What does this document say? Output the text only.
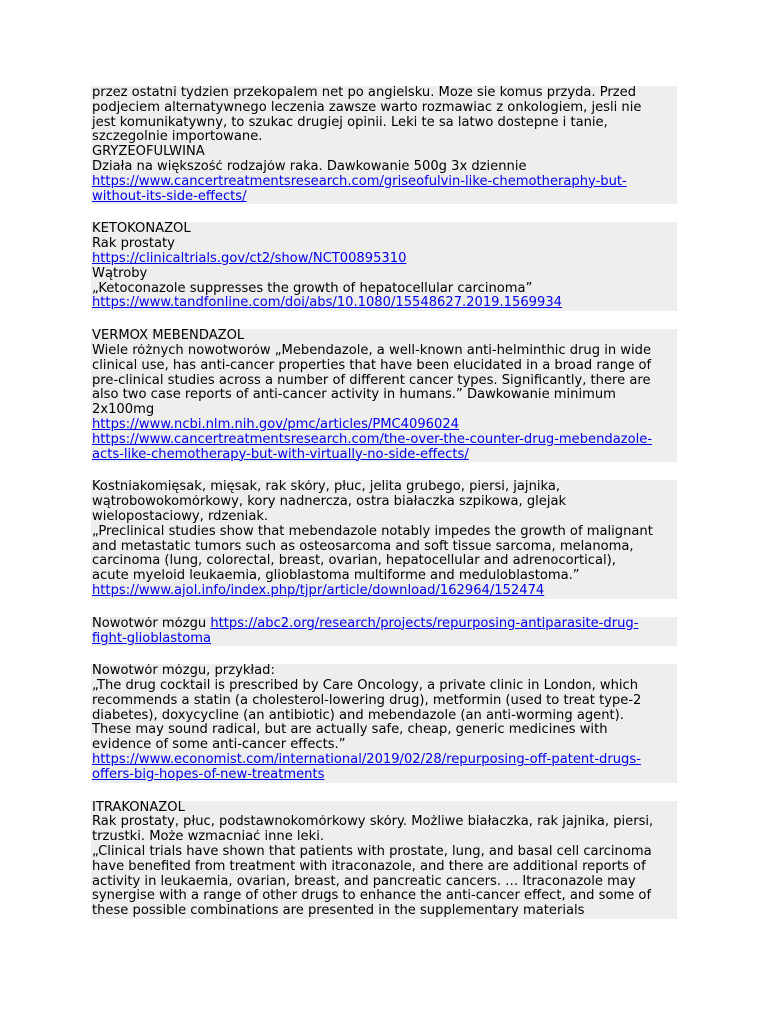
przez ostatni tydzien przekopalem net po angielsku. Moze sie komus przyda. Przed
podjeciem alternatywnego leczenia zawsze warto rozmawiac z onkologiem, jesli nie
jest komunikatywny, to szukac drugiej opinii. Leki te sa latwo dostepne i tanie,
szczegolnie importowane.
GRYZEOFULWINA
Działa na większość rodzajów raka. Dawkowanie 500g 3x dziennie
https://www.cancertreatmentsresearch.com/griseofulvin-like-chemotheraphy-but-
without-its-side-effects/
KETOKONAZOL
Rak prostaty
https://clinicaltrials.gov/ct2/show/NCT00895310
Wątroby
„Ketoconazole suppresses the growth of hepatocellular carcinoma”
https://www.tandfonline.com/doi/abs/10.1080/15548627.2019.1569934
VERMOX MEBENDAZOL
Wiele różnych nowotworów „Mebendazole, a well-known anti-helminthic drug in wide
clinical use, has anti-cancer properties that have been elucidated in a broad range of
pre-clinical studies across a number of different cancer types. Significantly, there are
also two case reports of anti-cancer activity in humans.” Dawkowanie minimum
2x100mg
https://www.ncbi.nlm.nih.gov/pmc/articles/PMC4096024
https://www.cancertreatmentsresearch.com/the-over-the-counter-drug-mebendazole-
acts-like-chemotherapy-but-with-virtually-no-side-effects/
Kostniakomięsak, mięsak, rak skóry, płuc, jelita grubego, piersi, jajnika,
wątrobowokomórkowy, kory nadnercza, ostra białaczka szpikowa, glejak
wielopostaciowy, rdzeniak.
„Preclinical studies show that mebendazole notably impedes the growth of malignant
and metastatic tumors such as osteosarcoma and soft tissue sarcoma, melanoma,
carcinoma (lung, colorectal, breast, ovarian, hepatocellular and adrenocortical),
acute myeloid leukaemia, glioblastoma multiforme and meduloblastoma.”
https://www.ajol.info/index.php/tjpr/article/download/162964/152474
Nowotwór mózgu https://abc2.org/research/projects/repurposing-antiparasite-drug-
fight-glioblastoma
Nowotwór mózgu, przykład:
„The drug cocktail is prescribed by Care Oncology, a private clinic in London, which
recommends a statin (a cholesterol-lowering drug), metformin (used to treat type-2
diabetes), doxycycline (an antibiotic) and mebendazole (an anti-worming agent).
These may sound radical, but are actually safe, cheap, generic medicines with
evidence of some anti-cancer effects.”
https://www.economist.com/international/2019/02/28/repurposing-off-patent-drugs-
offers-big-hopes-of-new-treatments
ITRAKONAZOL
Rak prostaty, płuc, podstawnokomórkowy skóry. Możliwe białaczka, rak jajnika, piersi,
trzustki. Może wzmacniać inne leki.
„Clinical trials have shown that patients with prostate, lung, and basal cell carcinoma
have benefited from treatment with itraconazole, and there are additional reports of
activity in leukaemia, ovarian, breast, and pancreatic cancers. … Itraconazole may
synergise with a range of other drugs to enhance the anti-cancer effect, and some of
these possible combinations are presented in the supplementary materials
